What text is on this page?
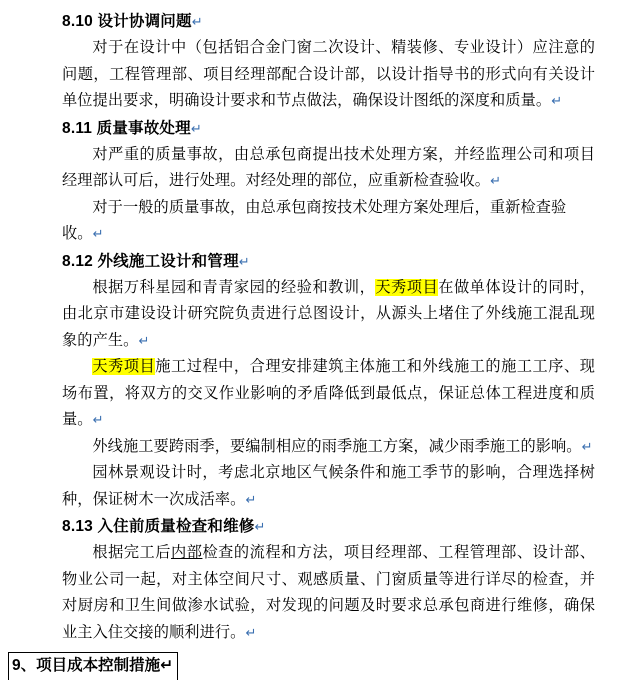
8.10 设计协调问题↵

对于在设计中（包括铝合金门窗二次设计、精装修、专业设计）应注意的问题，工程管理部、项目经理部配合设计部，以设计指导书的形式向有关设计单位提出要求，明确设计要求和节点做法，确保设计图纸的深度和质量。↵

8.11 质量事故处理↵

对严重的质量事故，由总承包商提出技术处理方案，并经监理公司和项目经理部认可后，进行处理。对经处理的部位，应重新检查验收。↵

对于一般的质量事故，由总承包商按技术处理方案处理后，重新检查验收。↵

8.12 外线施工设计和管理↵

根据万科星园和青青家园的经验和教训，天秀项目在做单体设计的同时，由北京市建设设计研究院负责进行总图设计，从源头上堵住了外线施工混乱现象的产生。↵

天秀项目施工过程中，合理安排建筑主体施工和外线施工的施工工序、现场布置，将双方的交叉作业影响的矛盾降低到最低点，保证总体工程进度和质量。↵

外线施工要跨雨季，要编制相应的雨季施工方案，减少雨季施工的影响。↵

园林景观设计时，考虑北京地区气候条件和施工季节的影响，合理选择树种，保证树木一次成活率。↵

8.13 入住前质量检查和维修↵

根据完工后内部检查的流程和方法，项目经理部、工程管理部、设计部、物业公司一起，对主体空间尺寸、观感质量、门窗质量等进行详尽的检查，并对厨房和卫生间做渗水试验，对发现的问题及时要求总承包商进行维修，确保业主入住交接的顺利进行。↵

9、项目成本控制措施↵
